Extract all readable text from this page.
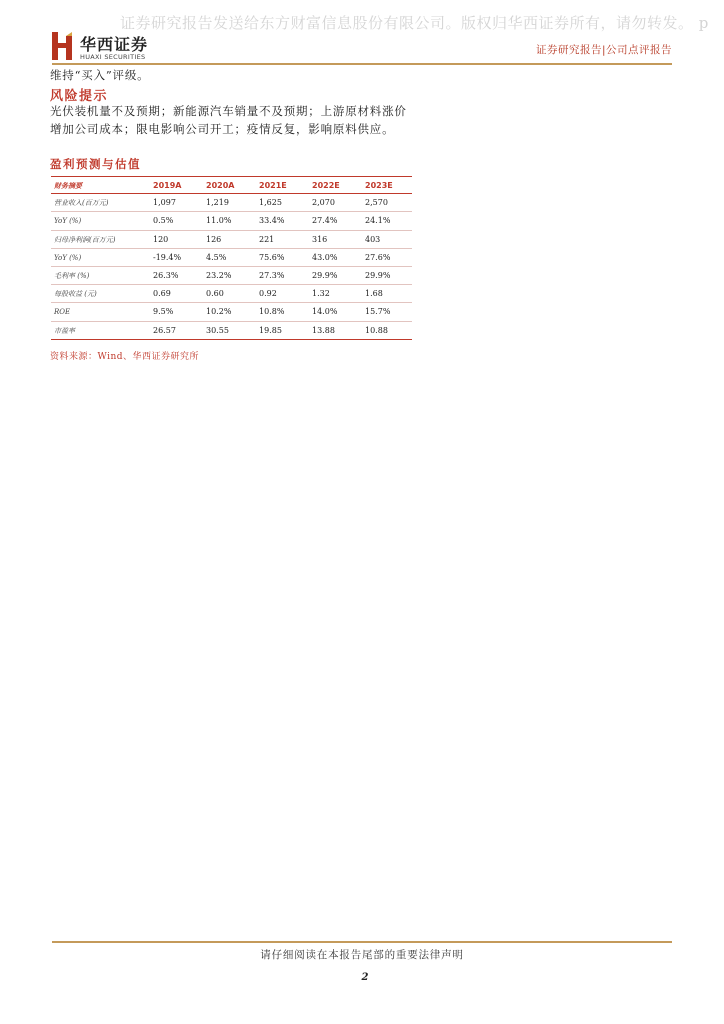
证券研究报告发送给东方财富信息股份有限公司。版权归华西证券所有，请勿转发。 p
华西证券
HUAXI SECURITIES
证券研究报告|公司点评报告
维持“买入”评级。
风险提示
光伏装机量不及预期；新能源汽车销量不及预期；上游原材料涨价增加公司成本；限电影响公司开工；疫情反复，影响原料供应。
盈利预测与估值
财务摘要	2019A	2020A	2021E	2022E	2023E
营业收入(百万元)	1,097	1,219	1,625	2,070	2,570
YoY (%)	0.5%	11.0%	33.4%	27.4%	24.1%
归母净利润(百万元)	120	126	221	316	403
YoY (%)	-19.4%	4.5%	75.6%	43.0%	27.6%
毛利率 (%)	26.3%	23.2%	27.3%	29.9%	29.9%
每股收益 (元)	0.69	0.60	0.92	1.32	1.68
ROE	9.5%	10.2%	10.8%	14.0%	15.7%
市盈率	26.57	30.55	19.85	13.88	10.88
资料来源：Wind、华西证券研究所
请仔细阅读在本报告尾部的重要法律声明
2
